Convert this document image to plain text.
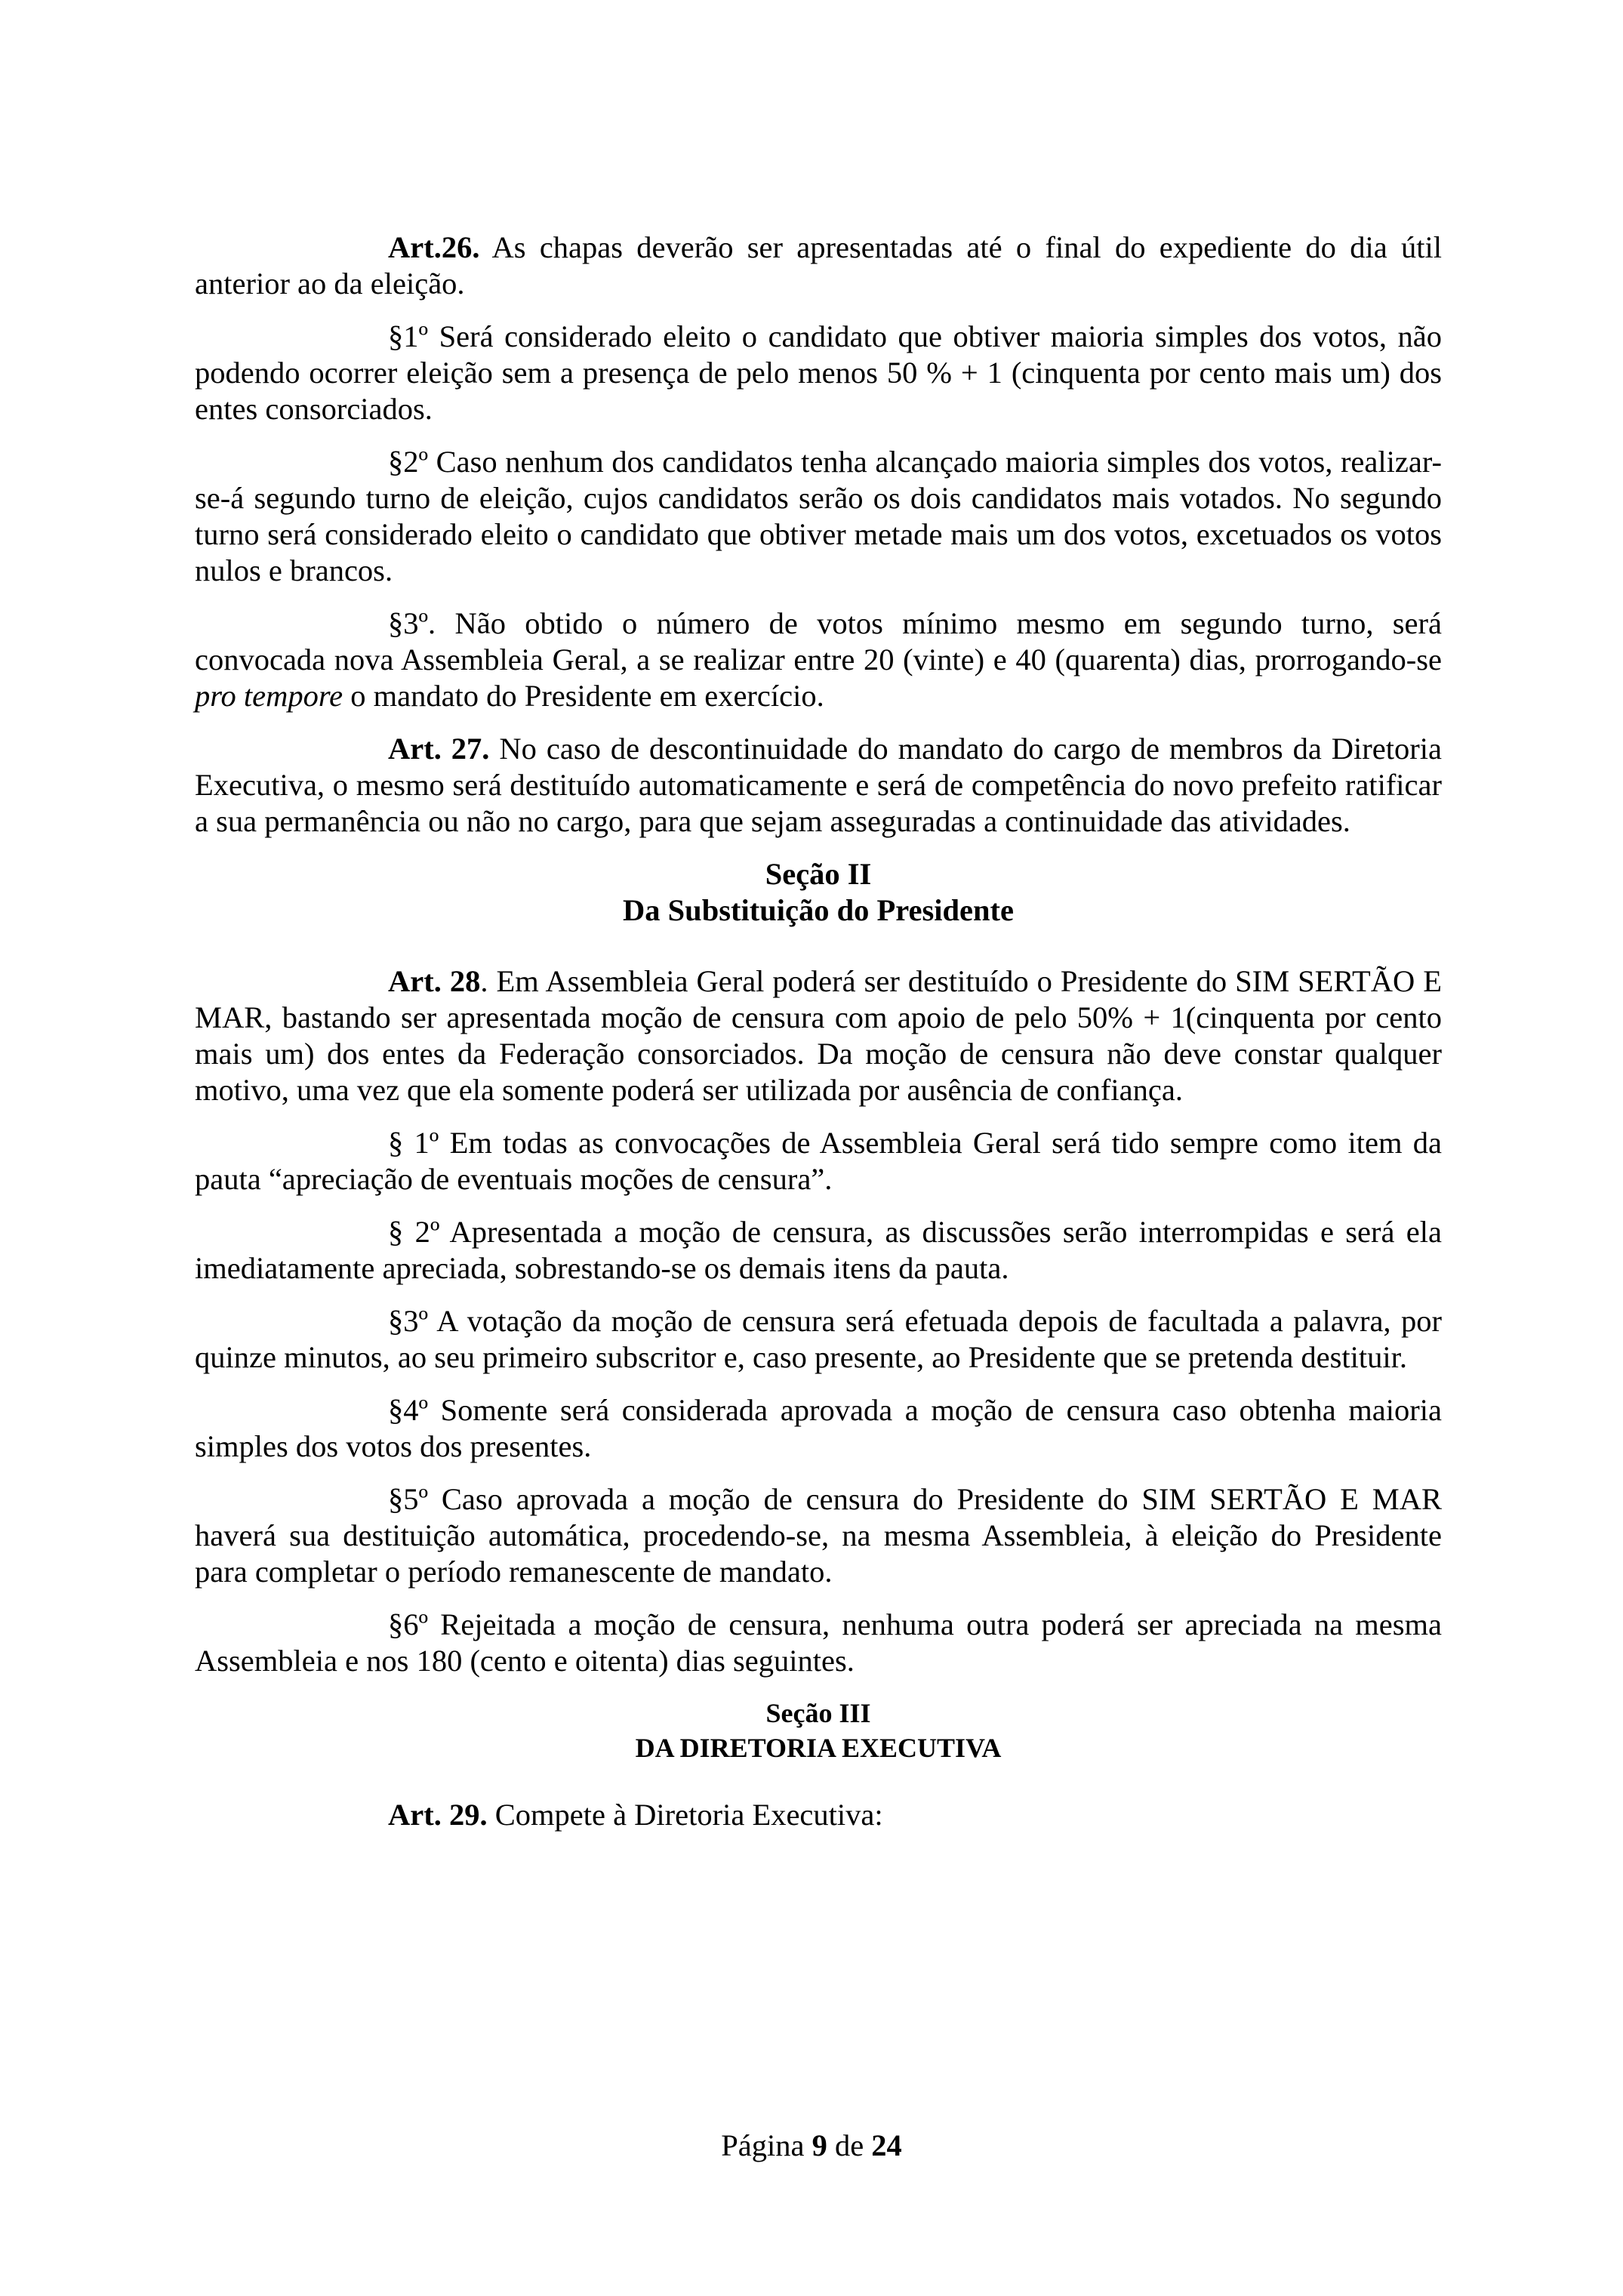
Art.26. As chapas deverão ser apresentadas até o final do expediente do dia útil anterior ao da eleição.

§1º Será considerado eleito o candidato que obtiver maioria simples dos votos, não podendo ocorrer eleição sem a presença de pelo menos 50 % + 1 (cinquenta por cento mais um) dos entes consorciados.

§2º Caso nenhum dos candidatos tenha alcançado maioria simples dos votos, realizar-se-á segundo turno de eleição, cujos candidatos serão os dois candidatos mais votados. No segundo turno será considerado eleito o candidato que obtiver metade mais um dos votos, excetuados os votos nulos e brancos.

§3º. Não obtido o número de votos mínimo mesmo em segundo turno, será convocada nova Assembleia Geral, a se realizar entre 20 (vinte) e 40 (quarenta) dias, prorrogando-se pro tempore o mandato do Presidente em exercício.

Art. 27. No caso de descontinuidade do mandato do cargo de membros da Diretoria Executiva, o mesmo será destituído automaticamente e será de competência do novo prefeito ratificar a sua permanência ou não no cargo, para que sejam asseguradas a continuidade das atividades.

Seção II

Da Substituição do Presidente

Art. 28. Em Assembleia Geral poderá ser destituído o Presidente do SIM SERTÃO E MAR, bastando ser apresentada moção de censura com apoio de pelo 50% + 1(cinquenta por cento mais um) dos entes da Federação consorciados. Da moção de censura não deve constar qualquer motivo, uma vez que ela somente poderá ser utilizada por ausência de confiança.

§ 1º Em todas as convocações de Assembleia Geral será tido sempre como item da pauta “apreciação de eventuais moções de censura”.

§ 2º Apresentada a moção de censura, as discussões serão interrompidas e será ela imediatamente apreciada, sobrestando-se os demais itens da pauta.

§3º A votação da moção de censura será efetuada depois de facultada a palavra, por quinze minutos, ao seu primeiro subscritor e, caso presente, ao Presidente que se pretenda destituir.

§4º Somente será considerada aprovada a moção de censura caso obtenha maioria simples dos votos dos presentes.

§5º Caso aprovada a moção de censura do Presidente do SIM SERTÃO E MAR haverá sua destituição automática, procedendo-se, na mesma Assembleia, à eleição do Presidente para completar o período remanescente de mandato.

§6º Rejeitada a moção de censura, nenhuma outra poderá ser apreciada na mesma Assembleia e nos 180 (cento e oitenta) dias seguintes.

Seção III

DA DIRETORIA EXECUTIVA

Art. 29. Compete à Diretoria Executiva:

Página 9 de 24
